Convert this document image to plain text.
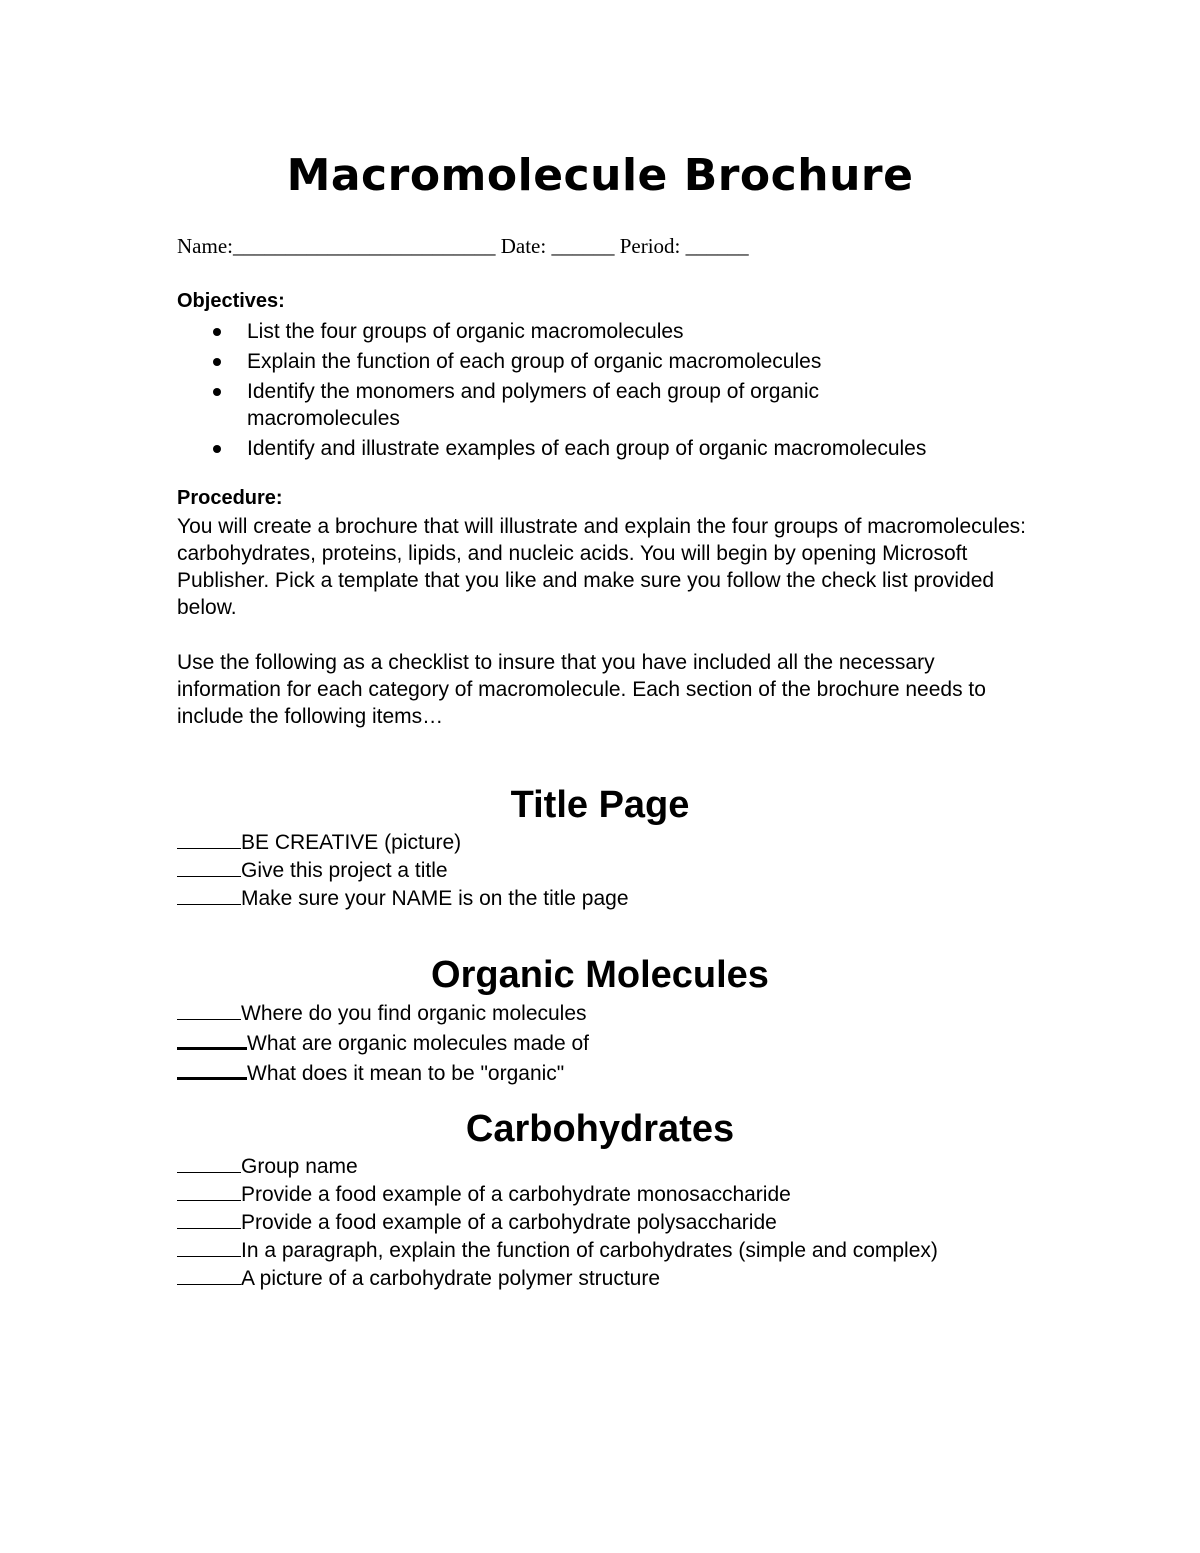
Macromolecule Brochure
Name:_________________________ Date: ______ Period: ______
Objectives:
List the four groups of organic macromolecules
Explain the function of each group of organic macromolecules
Identify the monomers and polymers of each group of organic macromolecules
Identify and illustrate examples of each group of organic macromolecules
Procedure:
You will create a brochure that will illustrate and explain the four groups of macromolecules: carbohydrates, proteins, lipids, and nucleic acids. You will begin by opening Microsoft Publisher. Pick a template that you like and make sure you follow the check list provided below.
Use the following as a checklist to insure that you have included all the necessary information for each category of macromolecule. Each section of the brochure needs to include the following items…
Title Page
BE CREATIVE (picture)
Give this project a title
Make sure your NAME is on the title page
Organic Molecules
Where do you find organic molecules
What are organic molecules made of
What does it mean to be "organic"
Carbohydrates
Group name
Provide a food example of a carbohydrate monosaccharide
Provide a food example of a carbohydrate polysaccharide
In a paragraph, explain the function of carbohydrates (simple and complex)
A picture of a carbohydrate polymer structure
